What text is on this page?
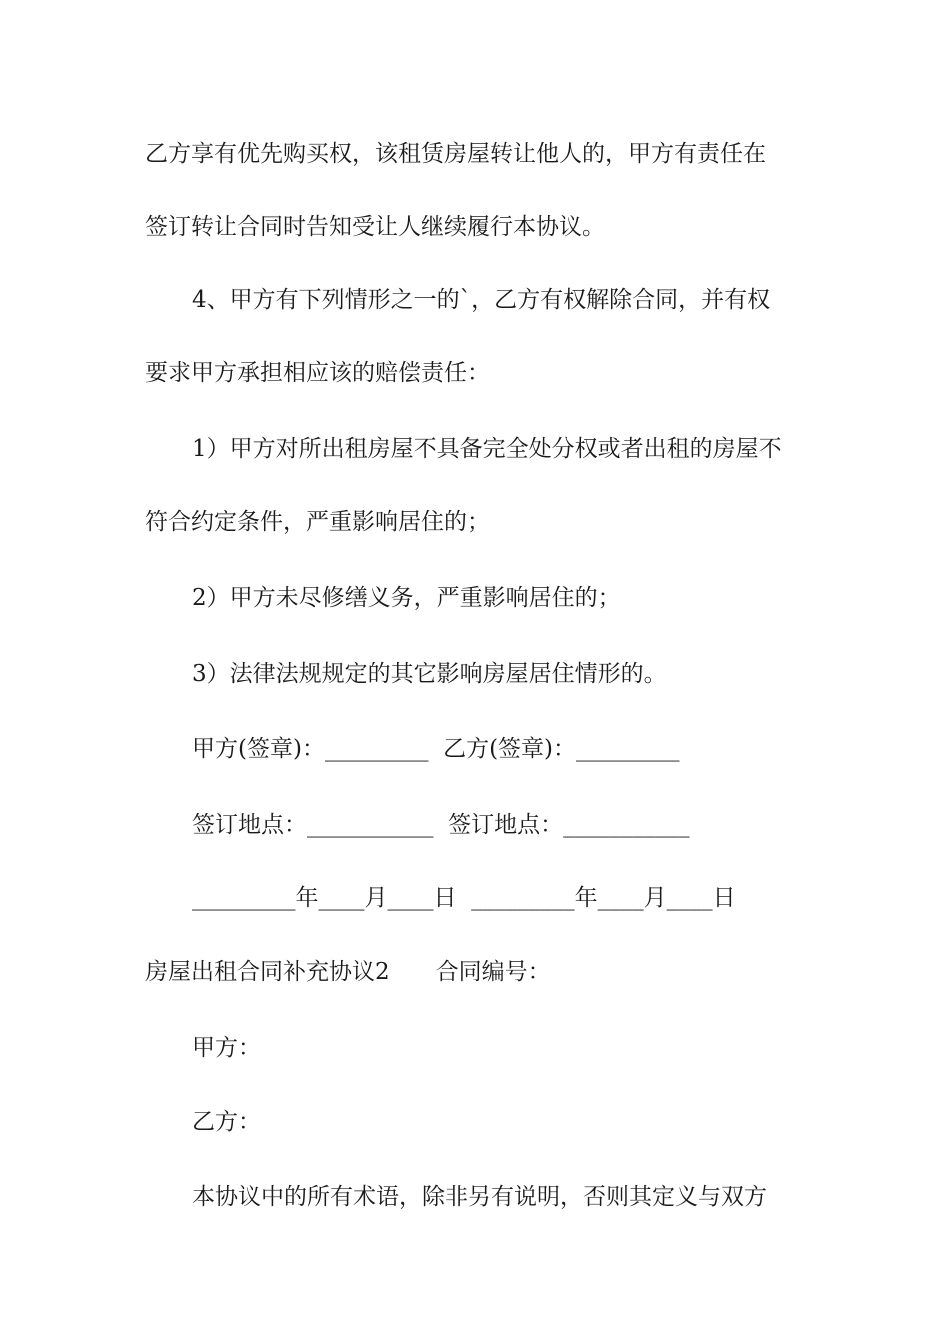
乙方享有优先购买权，该租赁房屋转让他人的，甲方有责任在
签订转让合同时告知受让人继续履行本协议。
4、甲方有下列情形之一的`，乙方有权解除合同，并有权
要求甲方承担相应该的赔偿责任：
1）甲方对所出租房屋不具备完全处分权或者出租的房屋不
符合约定条件，严重影响居住的；
2）甲方未尽修缮义务，严重影响居住的；
3）法律法规规定的其它影响房屋居住情形的。
甲方(签章)：_________  乙方(签章)：_________
签订地点：___________  签订地点：___________
_________年____月____日  _________年____月____日
房屋出租合同补充协议2　　合同编号：
甲方：
乙方：
本协议中的所有术语，除非另有说明，否则其定义与双方
